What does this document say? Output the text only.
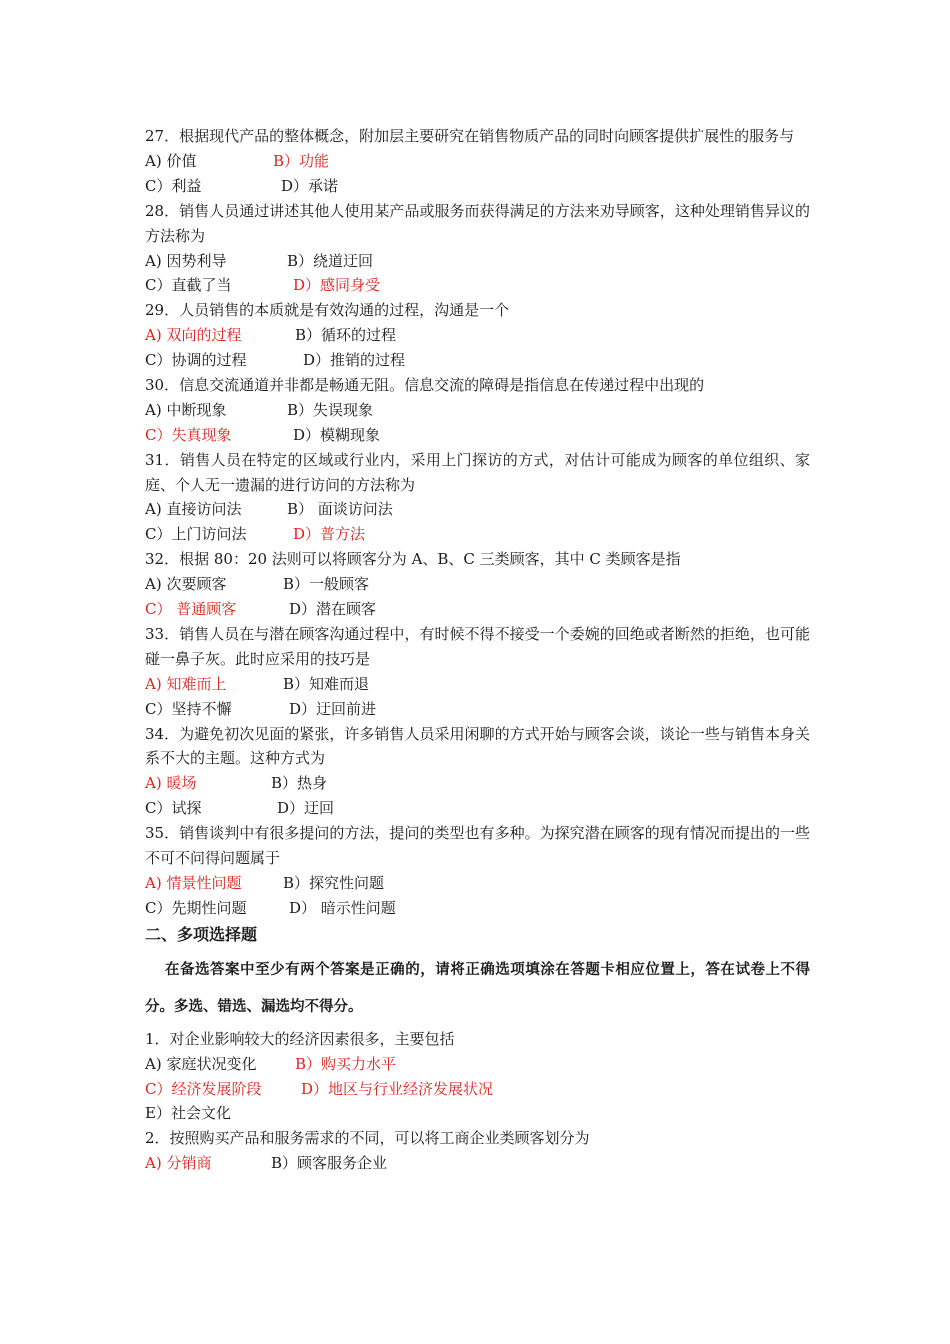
27．根据现代产品的整体概念，附加层主要研究在销售物质产品的同时向顾客提供扩展性的服务与
A) 价值	B）功能
C）利益	D）承诺
28．销售人员通过讲述其他人使用某产品或服务而获得满足的方法来劝导顾客，这种处理销售异议的方法称为
A) 因势利导	B）绕道迂回
C）直截了当	D）感同身受
29．人员销售的本质就是有效沟通的过程，沟通是一个
A) 双向的过程	B）循环的过程
C）协调的过程	D）推销的过程
30．信息交流通道并非都是畅通无阻。信息交流的障碍是指信息在传递过程中出现的
A) 中断现象	B）失误现象
C）失真现象	D）模糊现象
31．销售人员在特定的区域或行业内，采用上门探访的方式，对估计可能成为顾客的单位组织、家庭、个人无一遗漏的进行访问的方法称为
A) 直接访问法	B） 面谈访问法
C）上门访问法	D）普方法
32．根据 80：20 法则可以将顾客分为 A、B、C 三类顾客，其中 C 类顾客是指
A) 次要顾客	B）一般顾客
C） 普通顾客	D）潜在顾客
33．销售人员在与潜在顾客沟通过程中，有时候不得不接受一个委婉的回绝或者断然的拒绝，也可能碰一鼻子灰。此时应采用的技巧是
A) 知难而上	B）知难而退
C）坚持不懈	D）迂回前进
34．为避免初次见面的紧张，许多销售人员采用闲聊的方式开始与顾客会谈，谈论一些与销售本身关系不大的主题。这种方式为
A) 暖场	B）热身
C）试探	D）迂回
35．销售谈判中有很多提问的方法，提问的类型也有多种。为探究潜在顾客的现有情况而提出的一些不可不问得问题属于
A) 情景性问题	B）探究性问题
C）先期性问题	D） 暗示性问题
二、多项选择题
在备选答案中至少有两个答案是正确的，请将正确选项填涂在答题卡相应位置上，答在试卷上不得分。多选、错选、漏选均不得分。
1．对企业影响较大的经济因素很多，主要包括
A) 家庭状况变化	B）购买力水平
C）经济发展阶段	D）地区与行业经济发展状况
E）社会文化
2．按照购买产品和服务需求的不同，可以将工商企业类顾客划分为
A) 分销商	B）顾客服务企业
